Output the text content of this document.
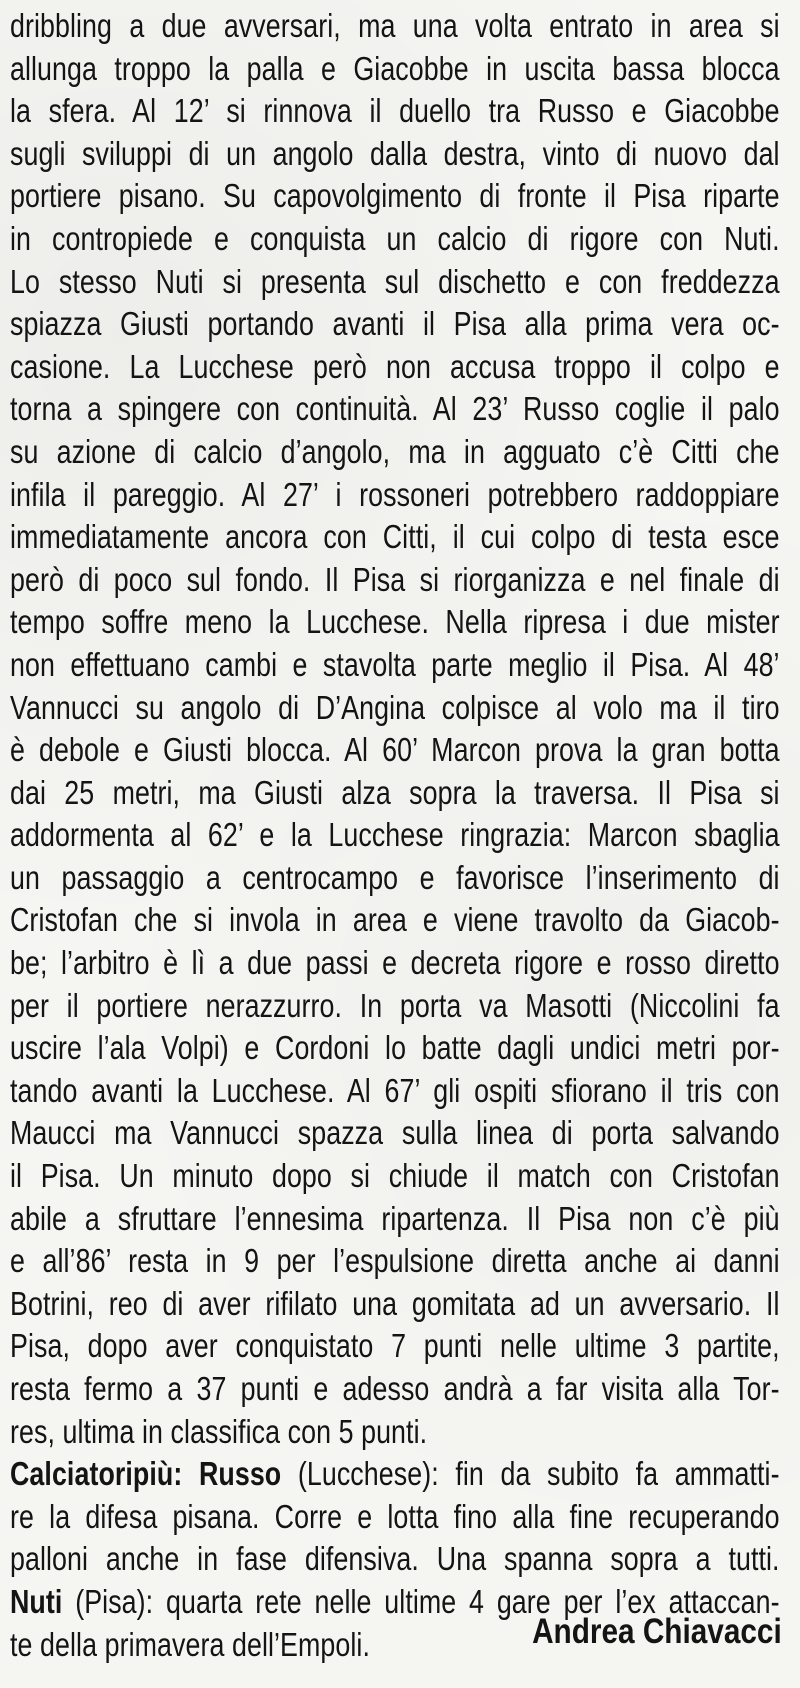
dribbling a due avversari, ma una volta entrato in area si
allunga troppo la palla e Giacobbe in uscita bassa blocca
la sfera. Al 12’ si rinnova il duello tra Russo e Giacobbe
sugli sviluppi di un angolo dalla destra, vinto di nuovo dal
portiere pisano. Su capovolgimento di fronte il Pisa riparte
in contropiede e conquista un calcio di rigore con Nuti.
Lo stesso Nuti si presenta sul dischetto e con freddezza
spiazza Giusti portando avanti il Pisa alla prima vera oc-
casione. La Lucchese però non accusa troppo il colpo e
torna a spingere con continuità. Al 23’ Russo coglie il palo
su azione di calcio d’angolo, ma in agguato c’è Citti che
infila il pareggio. Al 27’ i rossoneri potrebbero raddoppiare
immediatamente ancora con Citti, il cui colpo di testa esce
però di poco sul fondo. Il Pisa si riorganizza e nel finale di
tempo soffre meno la Lucchese. Nella ripresa i due mister
non effettuano cambi e stavolta parte meglio il Pisa. Al 48’
Vannucci su angolo di D’Angina colpisce al volo ma il tiro
è debole e Giusti blocca. Al 60’ Marcon prova la gran botta
dai 25 metri, ma Giusti alza sopra la traversa. Il Pisa si
addormenta al 62’ e la Lucchese ringrazia: Marcon sbaglia
un passaggio a centrocampo e favorisce l’inserimento di
Cristofan che si invola in area e viene travolto da Giacob-
be; l’arbitro è lì a due passi e decreta rigore e rosso diretto
per il portiere nerazzurro. In porta va Masotti (Niccolini fa
uscire l’ala Volpi) e Cordoni lo batte dagli undici metri por-
tando avanti la Lucchese. Al 67’ gli ospiti sfiorano il tris con
Maucci ma Vannucci spazza sulla linea di porta salvando
il Pisa. Un minuto dopo si chiude il match con Cristofan
abile a sfruttare l’ennesima ripartenza. Il Pisa non c’è più
e all’86’ resta in 9 per l’espulsione diretta anche ai danni
Botrini, reo di aver rifilato una gomitata ad un avversario. Il
Pisa, dopo aver conquistato 7 punti nelle ultime 3 partite,
resta fermo a 37 punti e adesso andrà a far visita alla Tor-
res, ultima in classifica con 5 punti.
Calciatoripiù: Russo (Lucchese): fin da subito fa ammatti-
re la difesa pisana. Corre e lotta fino alla fine recuperando
palloni anche in fase difensiva. Una spanna sopra a tutti.
Nuti (Pisa): quarta rete nelle ultime 4 gare per l’ex attaccan-
te della primavera dell’Empoli.	Andrea Chiavacci
